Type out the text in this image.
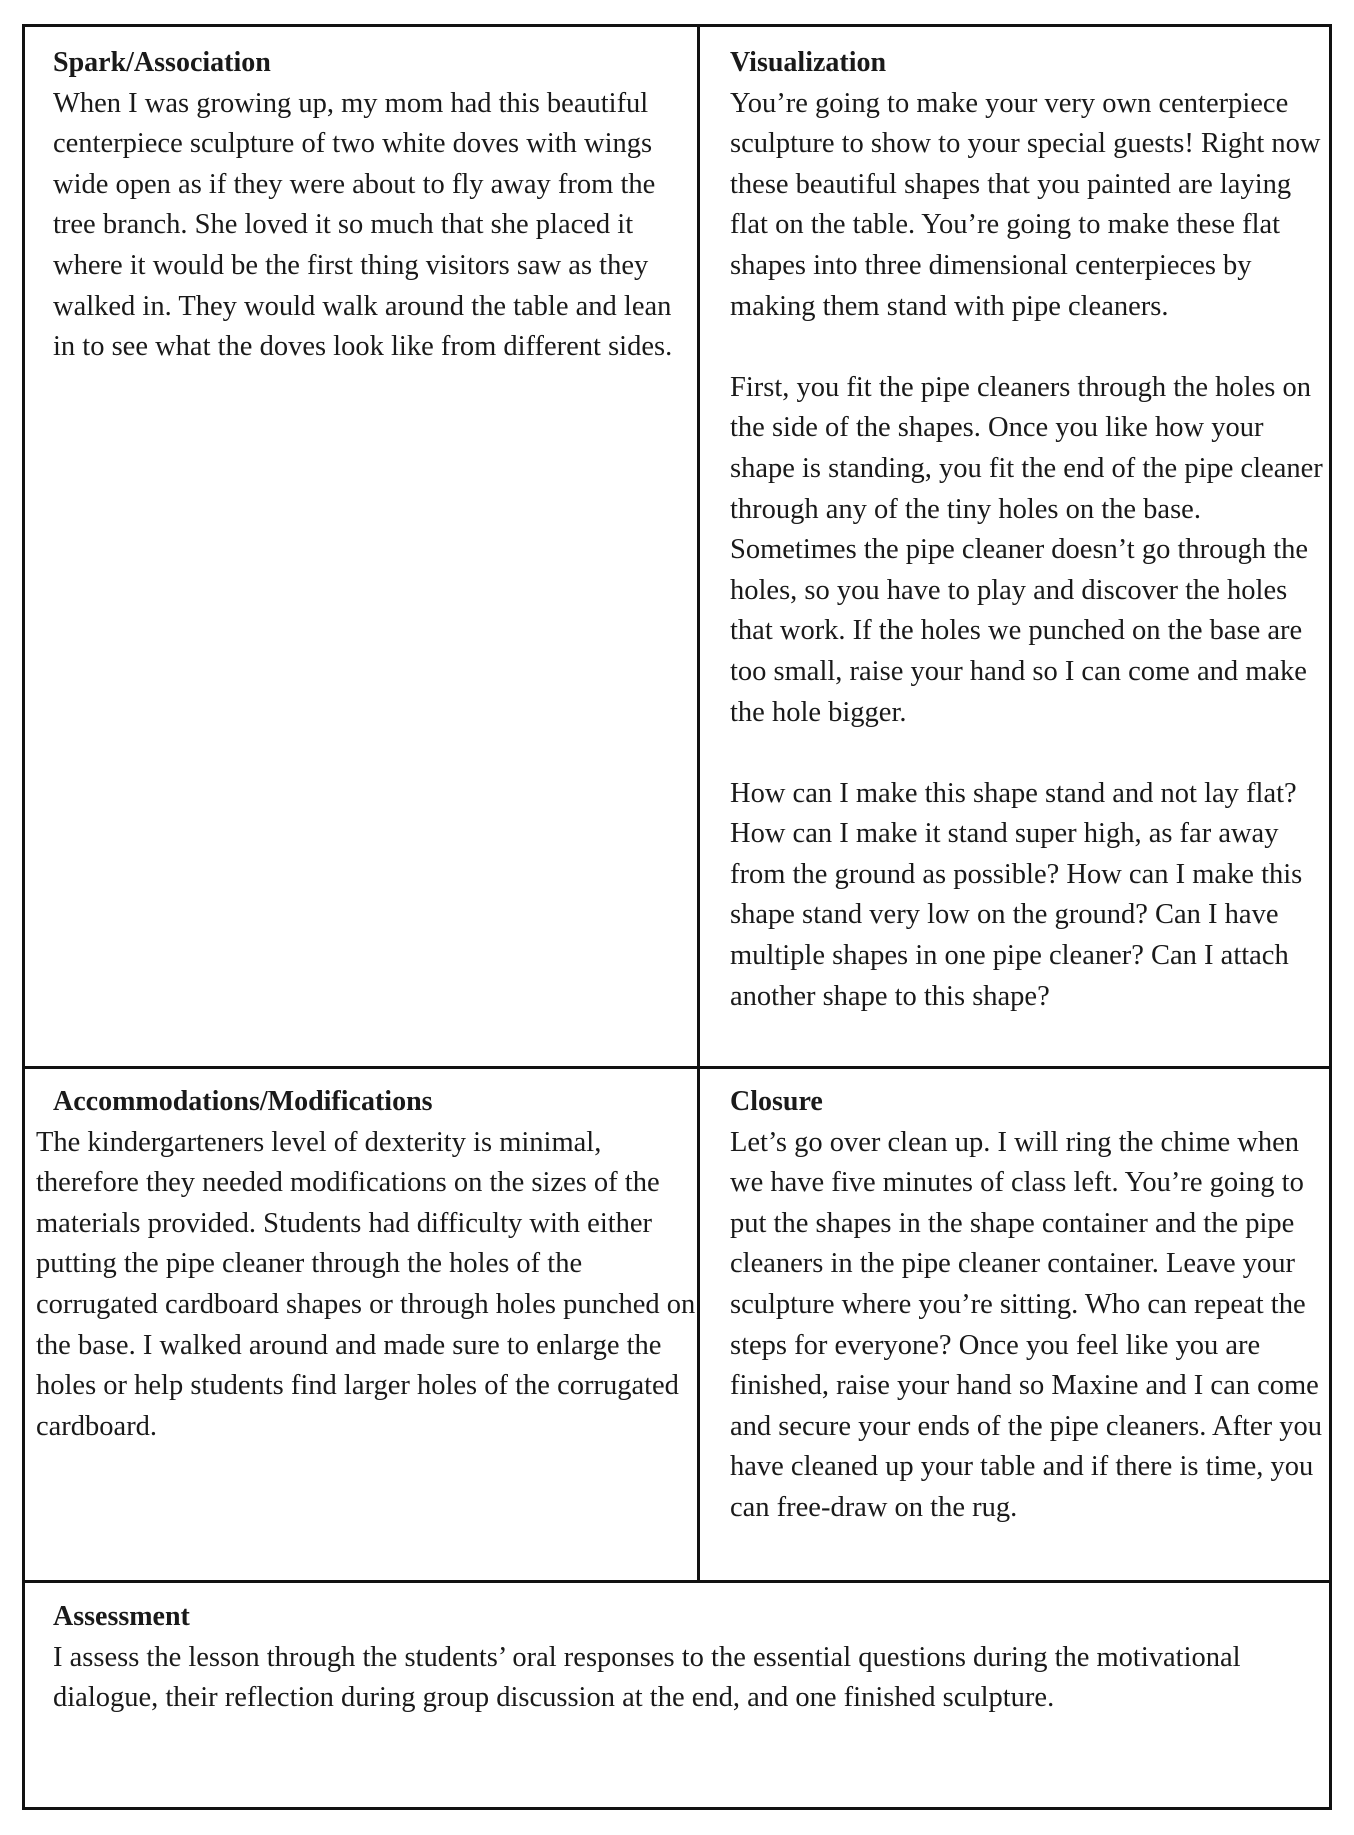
Spark/Association

When I was growing up, my mom had this beautiful centerpiece sculpture of two white doves with wings wide open as if they were about to fly away from the tree branch. She loved it so much that she placed it where it would be the first thing visitors saw as they walked in. They would walk around the table and lean in to see what the doves look like from different sides.

Visualization

You’re going to make your very own centerpiece sculpture to show to your special guests! Right now these beautiful shapes that you painted are laying flat on the table. You’re going to make these flat shapes into three dimensional centerpieces by making them stand with pipe cleaners.

First, you fit the pipe cleaners through the holes on the side of the shapes. Once you like how your shape is standing, you fit the end of the pipe cleaner through any of the tiny holes on the base. Sometimes the pipe cleaner doesn’t go through the holes, so you have to play and discover the holes that work. If the holes we punched on the base are too small, raise your hand so I can come and make the hole bigger.

How can I make this shape stand and not lay flat? How can I make it stand super high, as far away from the ground as possible? How can I make this shape stand very low on the ground? Can I have multiple shapes in one pipe cleaner? Can I attach another shape to this shape?

Accommodations/Modifications

The kindergarteners level of dexterity is minimal, therefore they needed modifications on the sizes of the materials provided. Students had difficulty with either putting the pipe cleaner through the holes of the corrugated cardboard shapes or through holes punched on the base. I walked around and made sure to enlarge the holes or help students find larger holes of the corrugated cardboard.

Closure

Let’s go over clean up. I will ring the chime when we have five minutes of class left. You’re going to put the shapes in the shape container and the pipe cleaners in the pipe cleaner container. Leave your sculpture where you’re sitting. Who can repeat the steps for everyone? Once you feel like you are finished, raise your hand so Maxine and I can come and secure your ends of the pipe cleaners. After you have cleaned up your table and if there is time, you can free-draw on the rug.

Assessment

I assess the lesson through the students’ oral responses to the essential questions during the motivational dialogue, their reflection during group discussion at the end, and one finished sculpture.
